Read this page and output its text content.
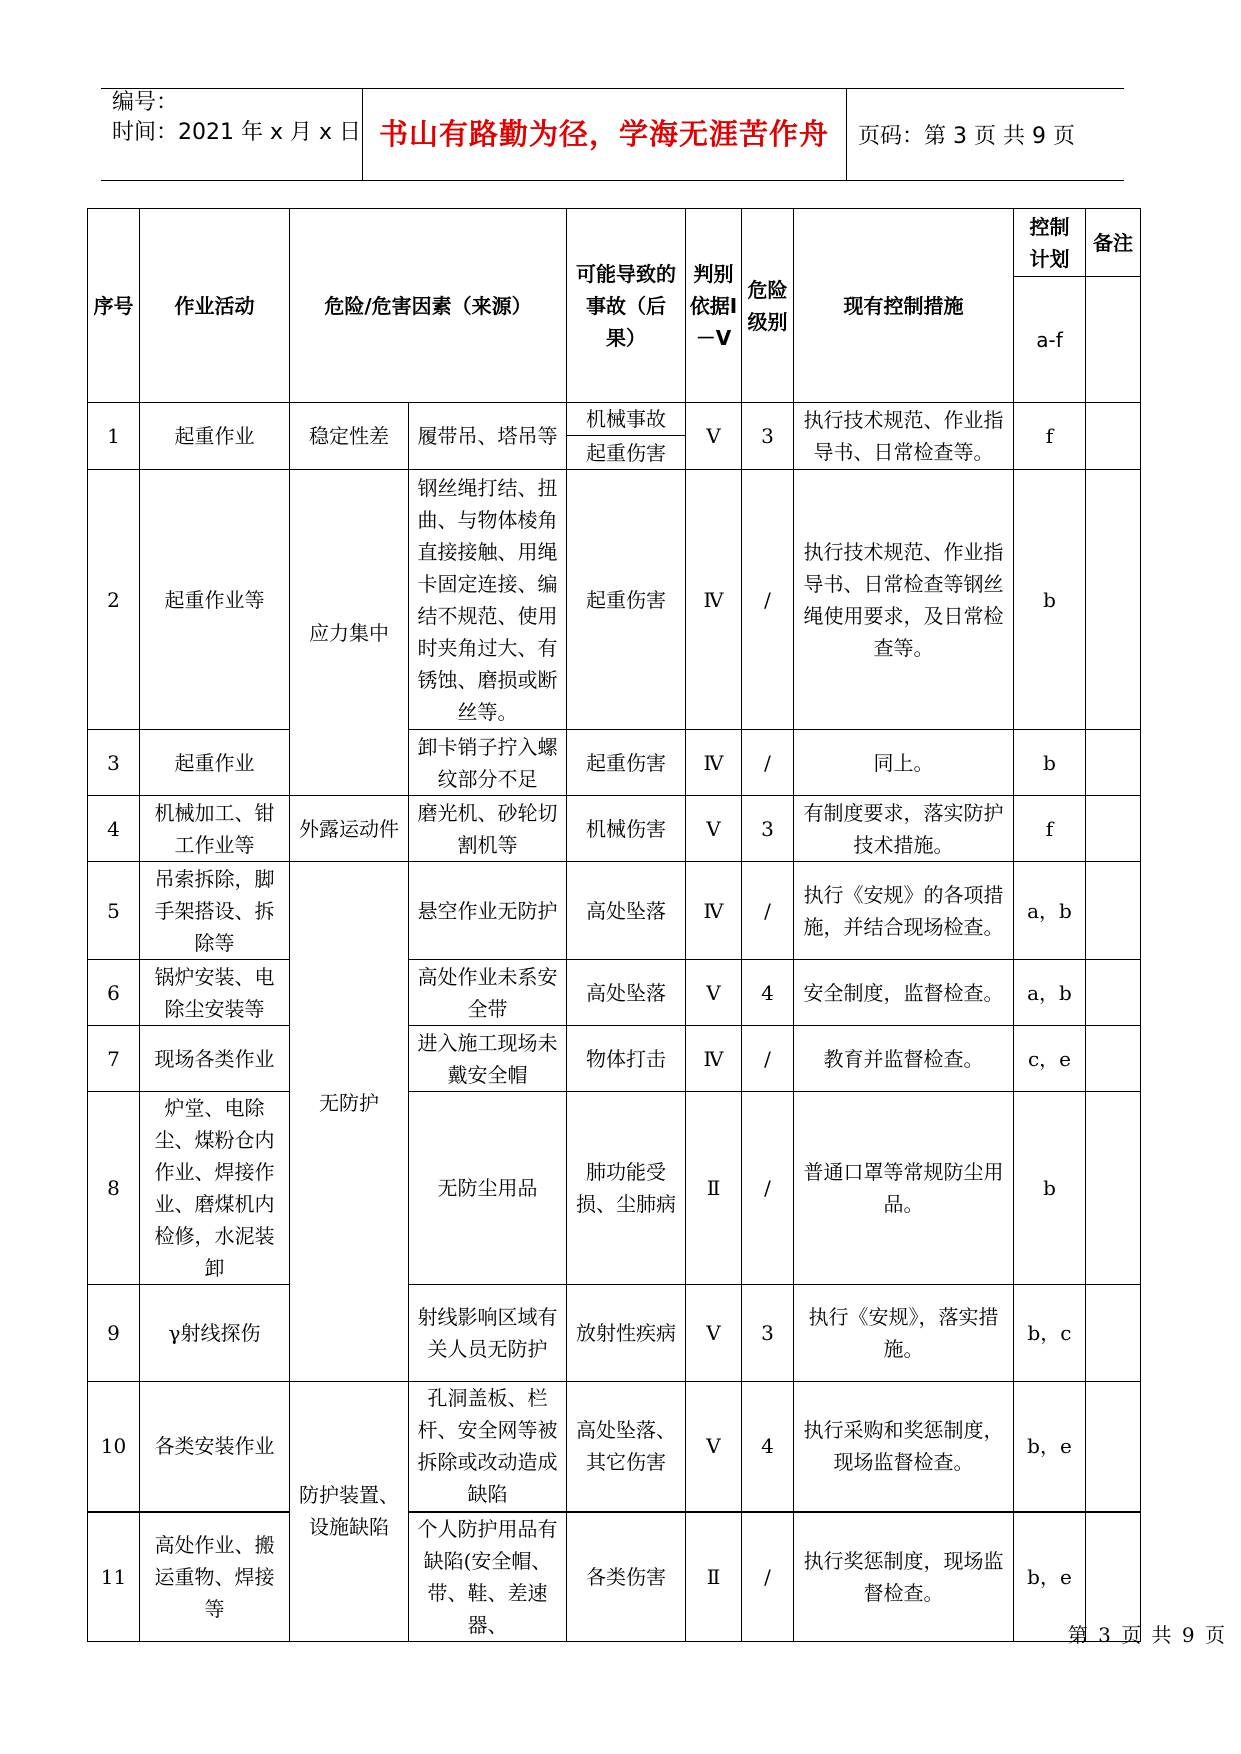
编号：
时间：2021 年 x 月 x 日 书山有路勤为径，学海无涯苦作舟	页码：第 3 页 共 9 页
序号	作业活动	危险/危害因素（来源）		可能导致的事故（后果）	判别依据Ⅰ－Ⅴ	危险级别	现有控制措施	控制计划	备注
								a-f	
1	起重作业	稳定性差	履带吊、塔吊等	机械事故	Ⅴ	3	执行技术规范、作业指导书、日常检查等。	f	
				起重伤害					
2	起重作业等	应力集中	钢丝绳打结、扭曲、与物体棱角直接接触、用绳卡固定连接、编结不规范、使用时夹角过大、有锈蚀、磨损或断丝等。	起重伤害	Ⅳ	/	执行技术规范、作业指导书、日常检查等钢丝绳使用要求，及日常检查等。	b	
3	起重作业		卸卡销子拧入螺纹部分不足	起重伤害	Ⅳ	/	同上。	b	
4	机械加工、钳工作业等	外露运动件	磨光机、砂轮切割机等	机械伤害	Ⅴ	3	有制度要求，落实防护技术措施。	f	
5	吊索拆除，脚手架搭设、拆除等	无防护	悬空作业无防护	高处坠落	Ⅳ	/	执行《安规》的各项措施，并结合现场检查。	a，b	
6	锅炉安装、电除尘安装等		高处作业未系安全带	高处坠落	Ⅴ	4	安全制度，监督检查。	a，b	
7	现场各类作业		进入施工现场未戴安全帽	物体打击	Ⅳ	/	教育并监督检查。	c，e	
8	炉堂、电除尘、煤粉仓内作业、焊接作业、磨煤机内检修，水泥装卸		无防尘用品	肺功能受损、尘肺病	Ⅱ	/	普通口罩等常规防尘用品。	b	
9	γ射线探伤		射线影响区域有关人员无防护	放射性疾病	Ⅴ	3	执行《安规》，落实措施。	b，c	
10	各类安装作业	防护装置、设施缺陷	孔洞盖板、栏杆、安全网等被拆除或改动造成缺陷	高处坠落、其它伤害	Ⅴ	4	执行采购和奖惩制度，现场监督检查。	b，e	
11	高处作业、搬运重物、焊接等		个人防护用品有缺陷(安全帽、带、鞋、差速器、	各类伤害	Ⅱ	/	执行奖惩制度，现场监督检查。	b，e	
第 3 页 共 9 页
